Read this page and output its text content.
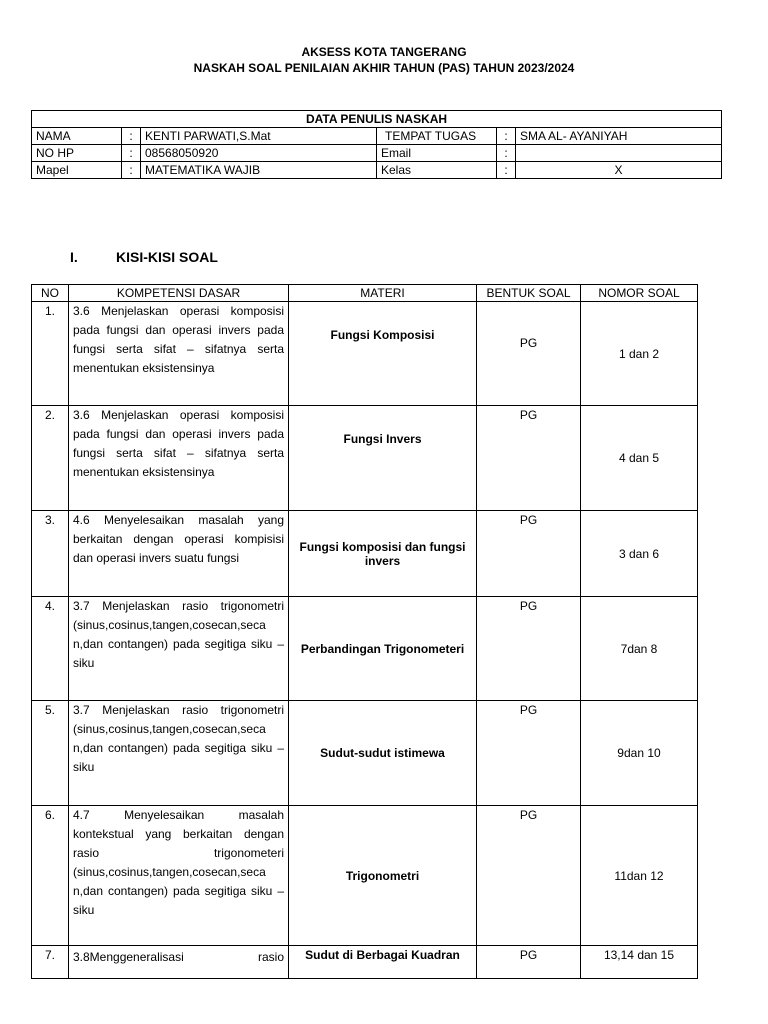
AKSESS KOTA TANGERANG
NASKAH SOAL PENILAIAN AKHIR TAHUN (PAS) TAHUN 2023/2024
DATA PENULIS NASKAH					
NAMA	:	KENTI PARWATI,S.Mat	TEMPAT TUGAS	:	SMA AL- AYANIYAH
NO HP	:	08568050920	Email	:	
Mapel	:	MATEMATIKA WAJIB	Kelas	:	X
I.	KISI-KISI SOAL
NO	KOMPETENSI DASAR	MATERI	BENTUK SOAL	NOMOR SOAL
1.	3.6 Menjelaskan operasi komposisi pada fungsi dan operasi invers pada fungsi serta sifat – sifatnya serta menentukan eksistensinya	Fungsi Komposisi	PG	1 dan 2
2.	3.6 Menjelaskan operasi komposisi pada fungsi dan operasi invers pada fungsi serta sifat – sifatnya serta menentukan eksistensinya	Fungsi Invers	PG	4 dan 5
3.	4.6 Menyelesaikan masalah yang berkaitan dengan operasi kompisisi dan operasi invers suatu fungsi	Fungsi komposisi dan fungsi invers	PG	3 dan 6
4.	3.7 Menjelaskan rasio trigonometri (sinus,cosinus,tangen,cosecan,seca n,dan contangen) pada segitiga siku – siku	Perbandingan Trigonometeri	PG	7dan 8
5.	3.7 Menjelaskan rasio trigonometri (sinus,cosinus,tangen,cosecan,seca n,dan contangen) pada segitiga siku – siku	Sudut-sudut istimewa	PG	9dan 10
6.	4.7 Menyelesaikan masalah kontekstual yang berkaitan dengan rasio trigonometeri (sinus,cosinus,tangen,cosecan,seca n,dan contangen) pada segitiga siku – siku	Trigonometri	PG	11dan 12
7.	3.8Menggeneralisasi rasio	Sudut di Berbagai Kuadran	PG	13,14 dan 15
